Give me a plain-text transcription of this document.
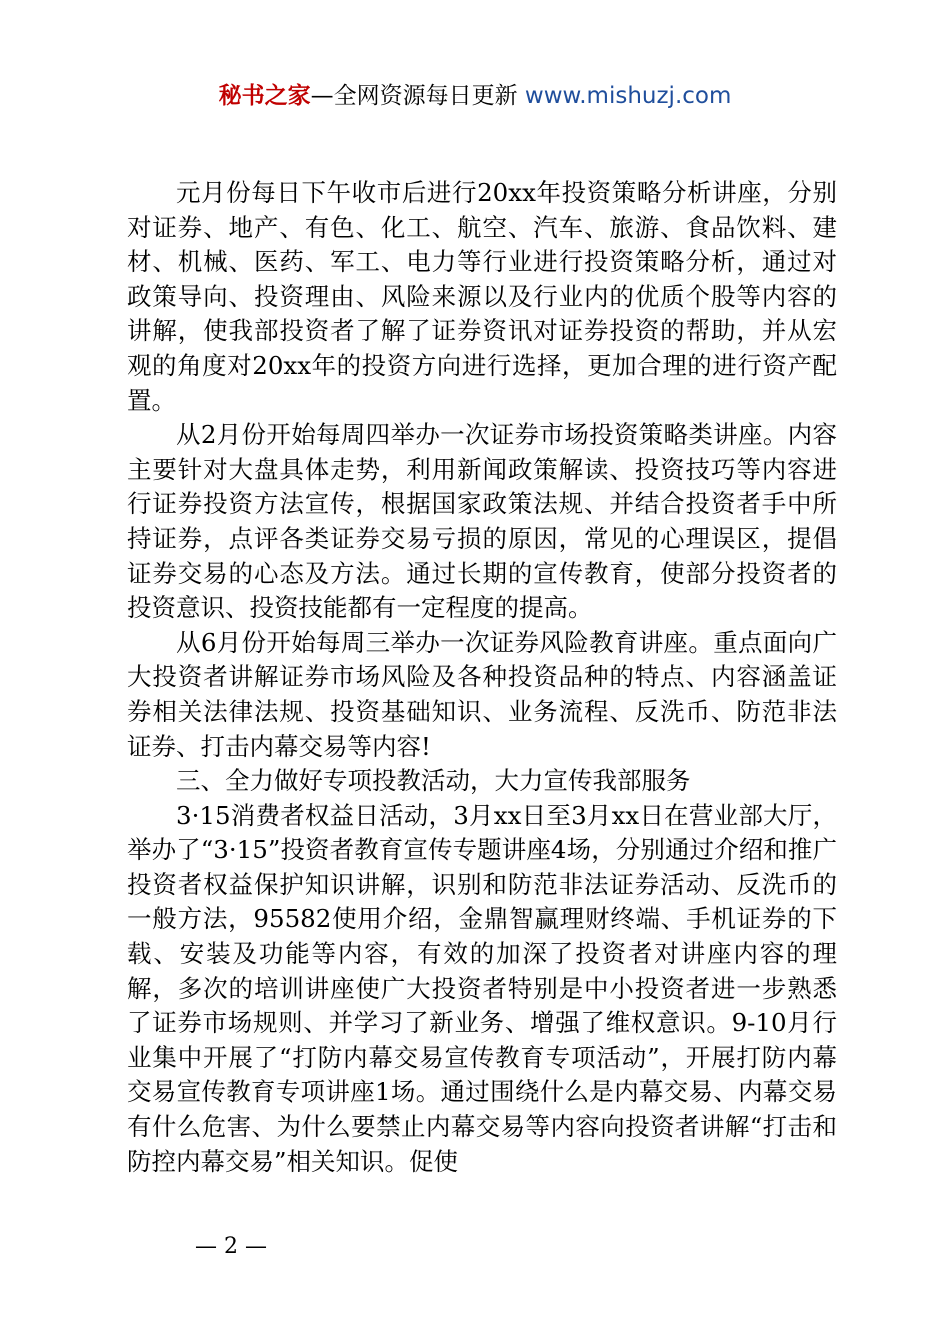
秘书之家—全网资源每日更新 www.mishuzj.com

元月份每日下午收市后进行20xx年投资策略分析讲座，分别对证券、地产、有色、化工、航空、汽车、旅游、食品饮料、建材、机械、医药、军工、电力等行业进行投资策略分析，通过对政策导向、投资理由、风险来源以及行业内的优质个股等内容的讲解，使我部投资者了解了证券资讯对证券投资的帮助，并从宏观的角度对20xx年的投资方向进行选择，更加合理的进行资产配置。

从2月份开始每周四举办一次证券市场投资策略类讲座。内容主要针对大盘具体走势，利用新闻政策解读、投资技巧等内容进行证券投资方法宣传，根据国家政策法规、并结合投资者手中所持证券，点评各类证券交易亏损的原因，常见的心理误区，提倡证券交易的心态及方法。通过长期的宣传教育，使部分投资者的投资意识、投资技能都有一定程度的提高。

从6月份开始每周三举办一次证券风险教育讲座。重点面向广大投资者讲解证券市场风险及各种投资品种的特点、内容涵盖证券相关法律法规、投资基础知识、业务流程、反洗币、防范非法证券、打击内幕交易等内容!

三、全力做好专项投教活动，大力宣传我部服务

3·15消费者权益日活动，3月xx日至3月xx日在营业部大厅，举办了“3·15”投资者教育宣传专题讲座4场，分别通过介绍和推广投资者权益保护知识讲解，识别和防范非法证券活动、反洗币的一般方法，95582使用介绍，金鼎智赢理财终端、手机证券的下载、安装及功能等内容，有效的加深了投资者对讲座内容的理解，多次的培训讲座使广大投资者特别是中小投资者进一步熟悉了证券市场规则、并学习了新业务、增强了维权意识。9-10月行业集中开展了“打防内幕交易宣传教育专项活动”，开展打防内幕交易宣传教育专项讲座1场。通过围绕什么是内幕交易、内幕交易有什么危害、为什么要禁止内幕交易等内容向投资者讲解“打击和防控内幕交易”相关知识。促使

— 2 —
